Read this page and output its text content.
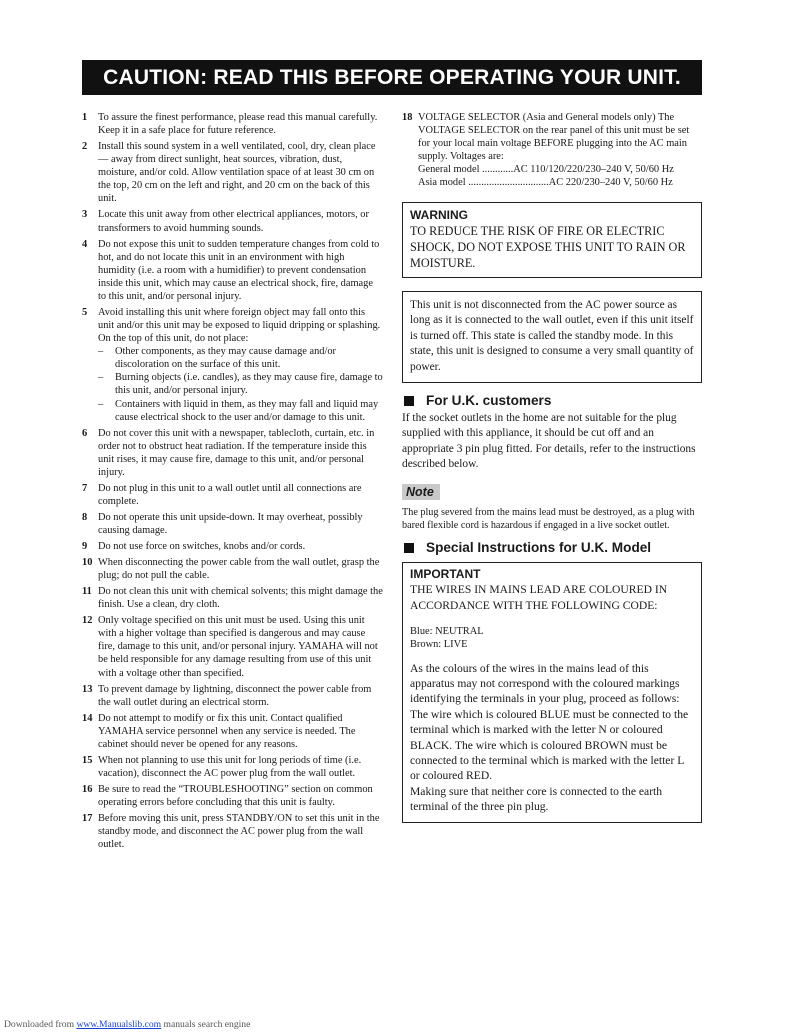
CAUTION: READ THIS BEFORE OPERATING YOUR UNIT.
1	To assure the finest performance, please read this manual carefully. Keep it in a safe place for future reference.
2	Install this sound system in a well ventilated, cool, dry, clean place — away from direct sunlight, heat sources, vibration, dust, moisture, and/or cold. Allow ventilation space of at least 30 cm on the top, 20 cm on the left and right, and 20 cm on the back of this unit.
3	Locate this unit away from other electrical appliances, motors, or transformers to avoid humming sounds.
4	Do not expose this unit to sudden temperature changes from cold to hot, and do not locate this unit in an environment with high humidity (i.e. a room with a humidifier) to prevent condensation inside this unit, which may cause an electrical shock, fire, damage to this unit, and/or personal injury.
5	Avoid installing this unit where foreign object may fall onto this unit and/or this unit may be exposed to liquid dripping or splashing. On the top of this unit, do not place:
–	Other components, as they may cause damage and/or discoloration on the surface of this unit.
–	Burning objects (i.e. candles), as they may cause fire, damage to this unit, and/or personal injury.
–	Containers with liquid in them, as they may fall and liquid may cause electrical shock to the user and/or damage to this unit.
6	Do not cover this unit with a newspaper, tablecloth, curtain, etc. in order not to obstruct heat radiation. If the temperature inside this unit rises, it may cause fire, damage to this unit, and/or personal injury.
7	Do not plug in this unit to a wall outlet until all connections are complete.
8	Do not operate this unit upside-down. It may overheat, possibly causing damage.
9	Do not use force on switches, knobs and/or cords.
10 When disconnecting the power cable from the wall outlet, grasp the plug; do not pull the cable.
11 Do not clean this unit with chemical solvents; this might damage the finish. Use a clean, dry cloth.
12 Only voltage specified on this unit must be used. Using this unit with a higher voltage than specified is dangerous and may cause fire, damage to this unit, and/or personal injury. YAMAHA will not be held responsible for any damage resulting from use of this unit with a voltage other than specified.
13 To prevent damage by lightning, disconnect the power cable from the wall outlet during an electrical storm.
14 Do not attempt to modify or fix this unit. Contact qualified YAMAHA service personnel when any service is needed. The cabinet should never be opened for any reasons.
15 When not planning to use this unit for long periods of time (i.e. vacation), disconnect the AC power plug from the wall outlet.
16 Be sure to read the “TROUBLESHOOTING” section on common operating errors before concluding that this unit is faulty.
17 Before moving this unit, press STANDBY/ON to set this unit in the standby mode, and disconnect the AC power plug from the wall outlet.
18 VOLTAGE SELECTOR (Asia and General models only) The VOLTAGE SELECTOR on the rear panel of this unit must be set for your local main voltage BEFORE plugging into the AC main supply. Voltages are:
General model ............ AC 110/120/220/230–240 V, 50/60 Hz
Asia model ............................... AC 220/230–240 V, 50/60 Hz
WARNING
TO REDUCE THE RISK OF FIRE OR ELECTRIC SHOCK, DO NOT EXPOSE THIS UNIT TO RAIN OR MOISTURE.
This unit is not disconnected from the AC power source as long as it is connected to the wall outlet, even if this unit itself is turned off. This state is called the standby mode. In this state, this unit is designed to consume a very small quantity of power.
For U.K. customers
If the socket outlets in the home are not suitable for the plug supplied with this appliance, it should be cut off and an appropriate 3 pin plug fitted. For details, refer to the instructions described below.
Note
The plug severed from the mains lead must be destroyed, as a plug with bared flexible cord is hazardous if engaged in a live socket outlet.
Special Instructions for U.K. Model
IMPORTANT
THE WIRES IN MAINS LEAD ARE COLOURED IN ACCORDANCE WITH THE FOLLOWING CODE:
Blue: NEUTRAL
Brown: LIVE
As the colours of the wires in the mains lead of this apparatus may not correspond with the coloured markings identifying the terminals in your plug, proceed as follows:
The wire which is coloured BLUE must be connected to the terminal which is marked with the letter N or coloured BLACK. The wire which is coloured BROWN must be connected to the terminal which is marked with the letter L or coloured RED.
Making sure that neither core is connected to the earth terminal of the three pin plug.
Downloaded from www.Manualslib.com manuals search engine
